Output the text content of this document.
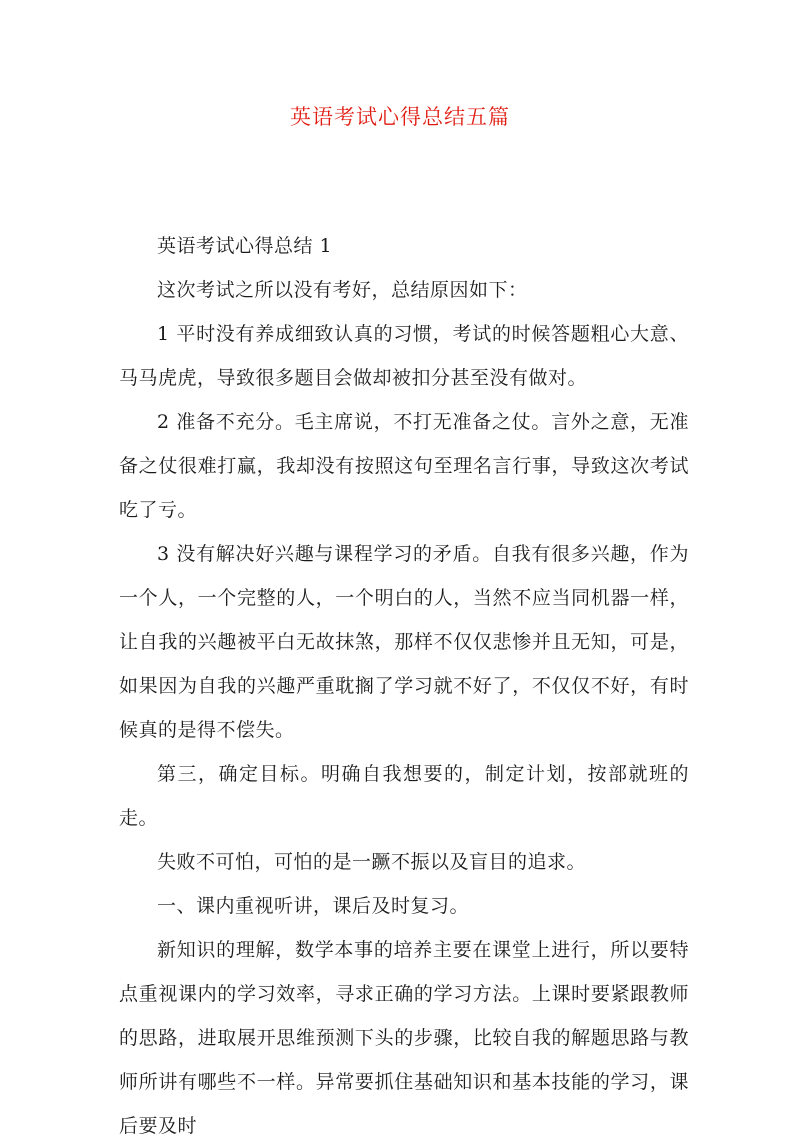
英语考试心得总结五篇

英语考试心得总结 1

这次考试之所以没有考好，总结原因如下：

1 平时没有养成细致认真的习惯，考试的时候答题粗心大意、马马虎虎，导致很多题目会做却被扣分甚至没有做对。

2 准备不充分。毛主席说，不打无准备之仗。言外之意，无准备之仗很难打赢，我却没有按照这句至理名言行事，导致这次考试吃了亏。

3 没有解决好兴趣与课程学习的矛盾。自我有很多兴趣，作为一个人，一个完整的人，一个明白的人，当然不应当同机器一样，让自我的兴趣被平白无故抹煞，那样不仅仅悲惨并且无知，可是，如果因为自我的兴趣严重耽搁了学习就不好了，不仅仅不好，有时候真的是得不偿失。

第三，确定目标。明确自我想要的，制定计划，按部就班的走。

失败不可怕，可怕的是一蹶不振以及盲目的追求。

一、课内重视听讲，课后及时复习。

新知识的理解，数学本事的培养主要在课堂上进行，所以要特点重视课内的学习效率，寻求正确的学习方法。上课时要紧跟教师的思路，进取展开思维预测下头的步骤，比较自我的解题思路与教师所讲有哪些不一样。异常要抓住基础知识和基本技能的学习，课后要及时
